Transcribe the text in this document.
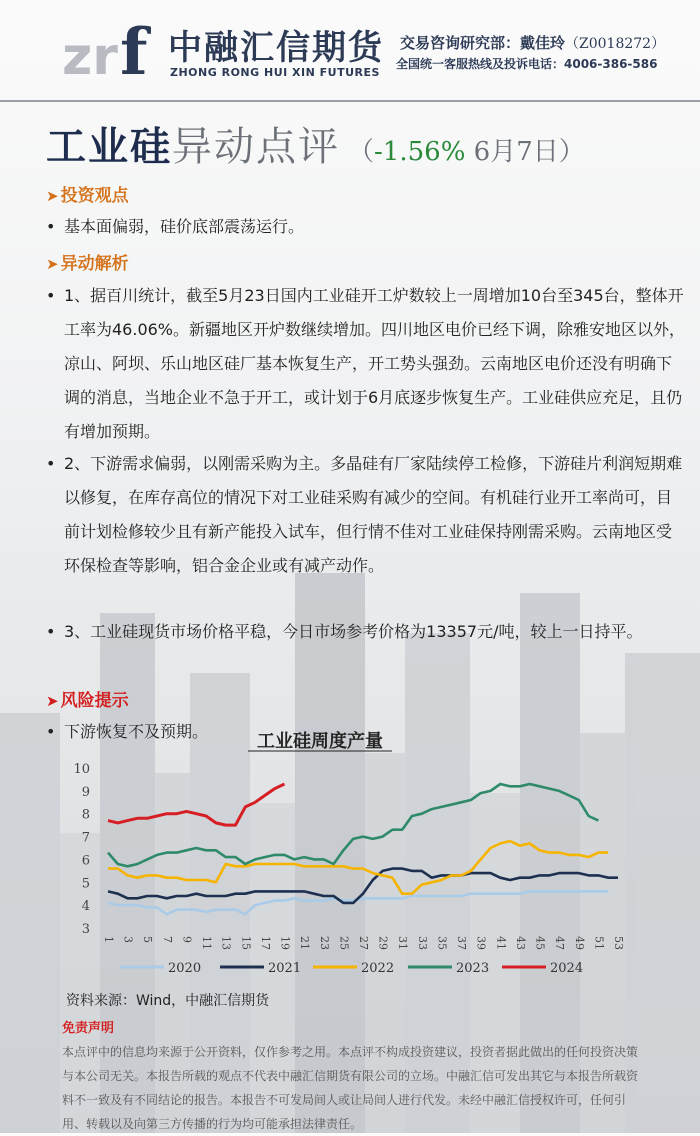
zr f 中融汇信期货
ZHONG RONG HUI XIN FUTURES
交易咨询研究部：戴佳玲（Z0018272）
全国统一客服热线及投诉电话：4006-386-586
工业硅异动点评 （-1.56% 6月7日）
➤ 投资观点
• 基本面偏弱，硅价底部震荡运行。
➤ 异动解析
• 1、据百川统计，截至5月23日国内工业硅开工炉数较上一周增加10台至345台，整体开工率为46.06%。新疆地区开炉数继续增加。四川地区电价已经下调，除雅安地区以外，凉山、阿坝、乐山地区硅厂基本恢复生产，开工势头强劲。云南地区电价还没有明确下调的消息，当地企业不急于开工，或计划于6月底逐步恢复生产。工业硅供应充足，且仍有增加预期。
• 2、下游需求偏弱，以刚需采购为主。多晶硅有厂家陆续停工检修，下游硅片利润短期难以修复，在库存高位的情况下对工业硅采购有减少的空间。有机硅行业开工率尚可，目前计划检修较少且有新产能投入试车，但行情不佳对工业硅保持刚需采购。云南地区受环保检查等影响，铝合金企业或有减产动作。
• 3、工业硅现货市场价格平稳，今日市场参考价格为13357元/吨，较上一日持平。
➤ 风险提示
• 下游恢复不及预期。	工业硅周度产量
3
4
5
6
7
8
9
10
1 3 5 7 9 11 13 15 17 19 21 23 25 27 29 31 33 35 37 39 41 43 45 47 49 51 53
2020	2021	2022	2023	2024
资料来源：Wind，中融汇信期货
免责声明
本点评中的信息均来源于公开资料，仅作参考之用。本点评不构成投资建议，投资者据此做出的任何投资决策与本公司无关。本报告所载的观点不代表中融汇信期货有限公司的立场。中融汇信可发出其它与本报告所载资料不一致及有不同结论的报告。本报告不可发局间人或让局间人进行代发。未经中融汇信授权许可，任何引用、转载以及向第三方传播的行为均可能承担法律责任。
